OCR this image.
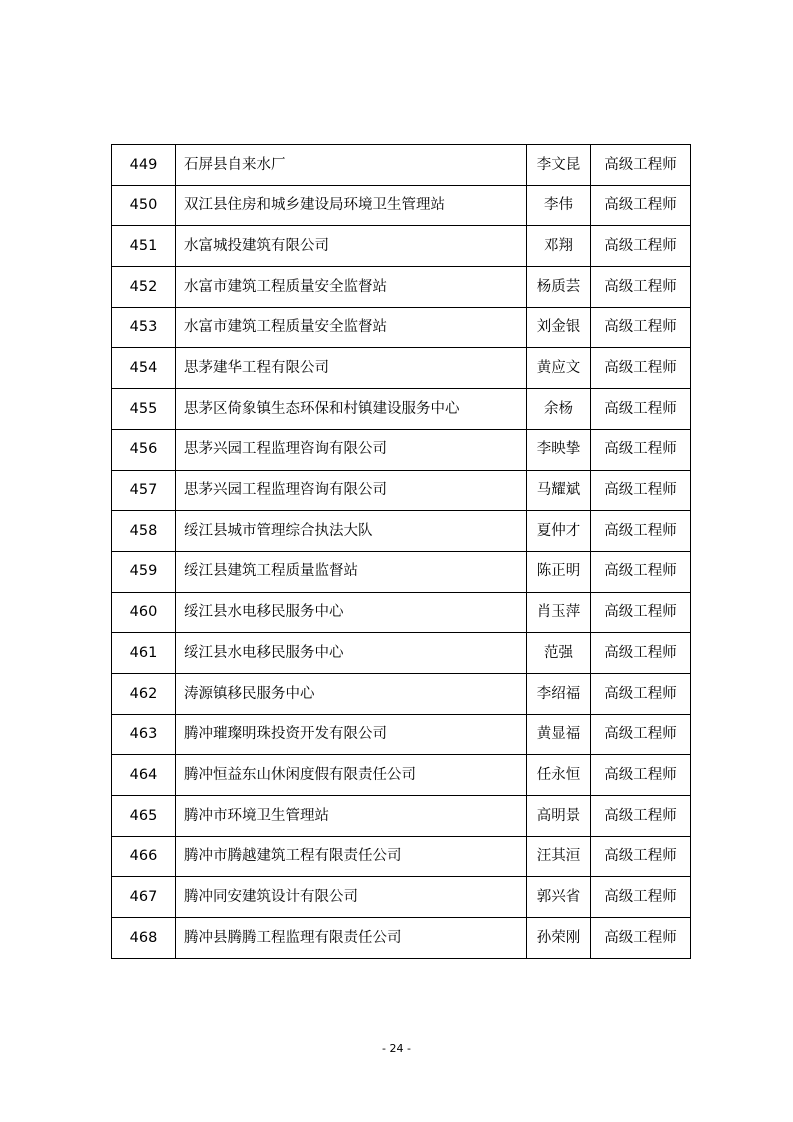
449	石屏县自来水厂	李文昆	高级工程师
450	双江县住房和城乡建设局环境卫生管理站	李伟	高级工程师
451	水富城投建筑有限公司	邓翔	高级工程师
452	水富市建筑工程质量安全监督站	杨质芸	高级工程师
453	水富市建筑工程质量安全监督站	刘金银	高级工程师
454	思茅建华工程有限公司	黄应文	高级工程师
455	思茅区倚象镇生态环保和村镇建设服务中心	余杨	高级工程师
456	思茅兴园工程监理咨询有限公司	李映挚	高级工程师
457	思茅兴园工程监理咨询有限公司	马耀斌	高级工程师
458	绥江县城市管理综合执法大队	夏仲才	高级工程师
459	绥江县建筑工程质量监督站	陈正明	高级工程师
460	绥江县水电移民服务中心	肖玉萍	高级工程师
461	绥江县水电移民服务中心	范强	高级工程师
462	涛源镇移民服务中心	李绍福	高级工程师
463	腾冲璀璨明珠投资开发有限公司	黄显福	高级工程师
464	腾冲恒益东山休闲度假有限责任公司	任永恒	高级工程师
465	腾冲市环境卫生管理站	高明景	高级工程师
466	腾冲市腾越建筑工程有限责任公司	汪其洹	高级工程师
467	腾冲同安建筑设计有限公司	郭兴省	高级工程师
468	腾冲县腾腾工程监理有限责任公司	孙荣刚	高级工程师
- 24 -
